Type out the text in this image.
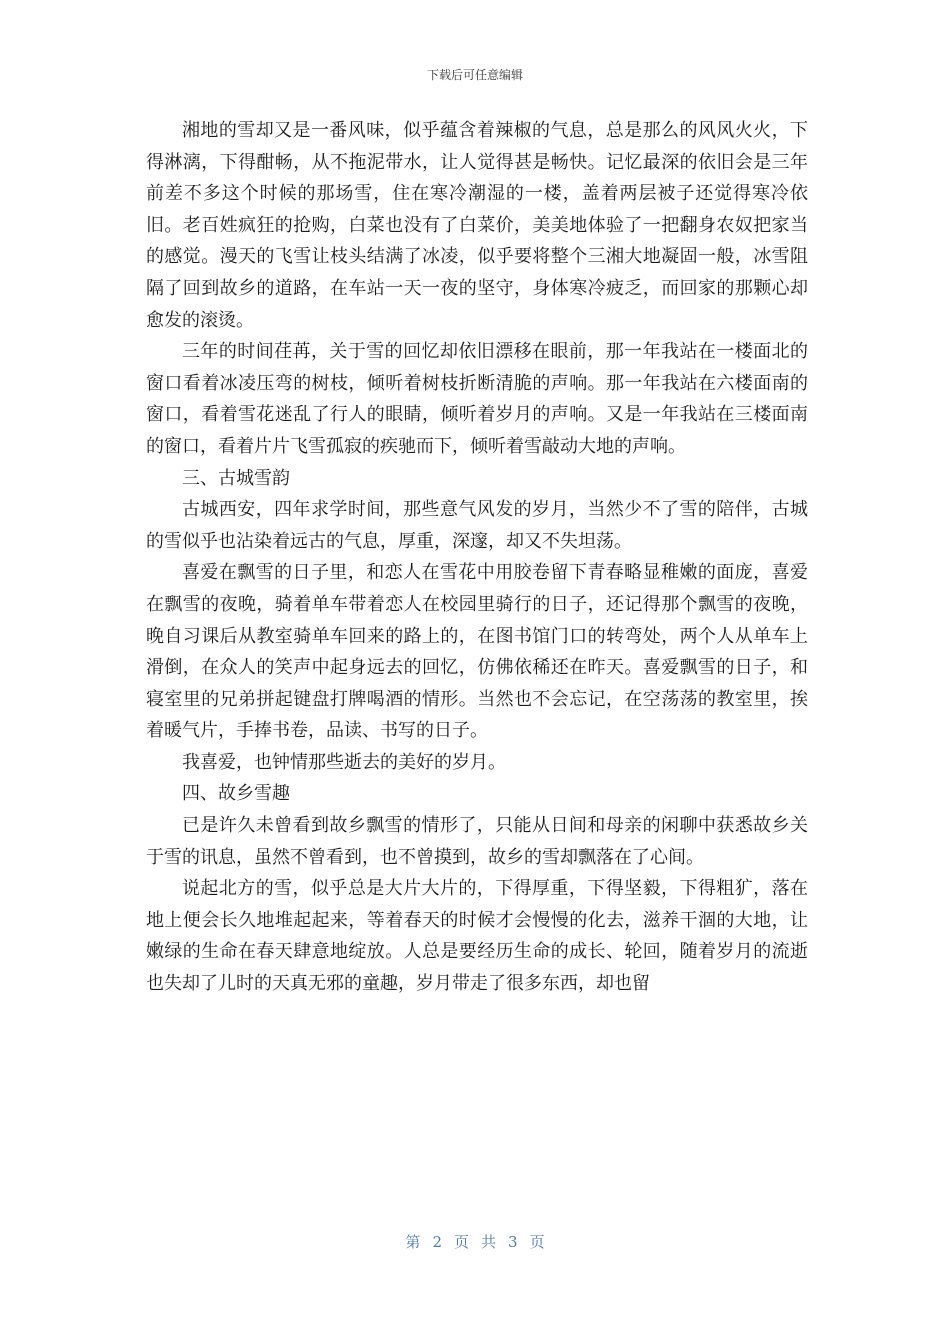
下载后可任意编辑

湘地的雪却又是一番风味，似乎蕴含着辣椒的气息，总是那么的风风火火，下得淋漓，下得酣畅，从不拖泥带水，让人觉得甚是畅快。记忆最深的依旧会是三年前差不多这个时候的那场雪，住在寒冷潮湿的一楼，盖着两层被子还觉得寒冷依旧。老百姓疯狂的抢购，白菜也没有了白菜价，美美地体验了一把翻身农奴把家当的感觉。漫天的飞雪让枝头结满了冰凌，似乎要将整个三湘大地凝固一般，冰雪阻隔了回到故乡的道路，在车站一天一夜的坚守，身体寒冷疲乏，而回家的那颗心却愈发的滚烫。

三年的时间荏苒，关于雪的回忆却依旧漂移在眼前，那一年我站在一楼面北的窗口看着冰凌压弯的树枝，倾听着树枝折断清脆的声响。那一年我站在六楼面南的窗口，看着雪花迷乱了行人的眼睛，倾听着岁月的声响。又是一年我站在三楼面南的窗口，看着片片飞雪孤寂的疾驰而下，倾听着雪敲动大地的声响。

三、古城雪韵

古城西安，四年求学时间，那些意气风发的岁月，当然少不了雪的陪伴，古城的雪似乎也沾染着远古的气息，厚重，深邃，却又不失坦荡。

喜爱在飘雪的日子里，和恋人在雪花中用胶卷留下青春略显稚嫩的面庞，喜爱在飘雪的夜晚，骑着单车带着恋人在校园里骑行的日子，还记得那个飘雪的夜晚，晚自习课后从教室骑单车回来的路上的，在图书馆门口的转弯处，两个人从单车上滑倒，在众人的笑声中起身远去的回忆，仿佛依稀还在昨天。喜爱飘雪的日子，和寝室里的兄弟拼起键盘打牌喝酒的情形。当然也不会忘记，在空荡荡的教室里，挨着暖气片，手捧书卷，品读、书写的日子。

我喜爱，也钟情那些逝去的美好的岁月。

四、故乡雪趣

已是许久未曾看到故乡飘雪的情形了，只能从日间和母亲的闲聊中获悉故乡关于雪的讯息，虽然不曾看到，也不曾摸到，故乡的雪却飘落在了心间。

说起北方的雪，似乎总是大片大片的，下得厚重，下得坚毅，下得粗犷，落在地上便会长久地堆起起来，等着春天的时候才会慢慢的化去，滋养干涸的大地，让嫩绿的生命在春天肆意地绽放。人总是要经历生命的成长、轮回，随着岁月的流逝也失却了儿时的天真无邪的童趣，岁月带走了很多东西，却也留

第 2 页 共 3 页
